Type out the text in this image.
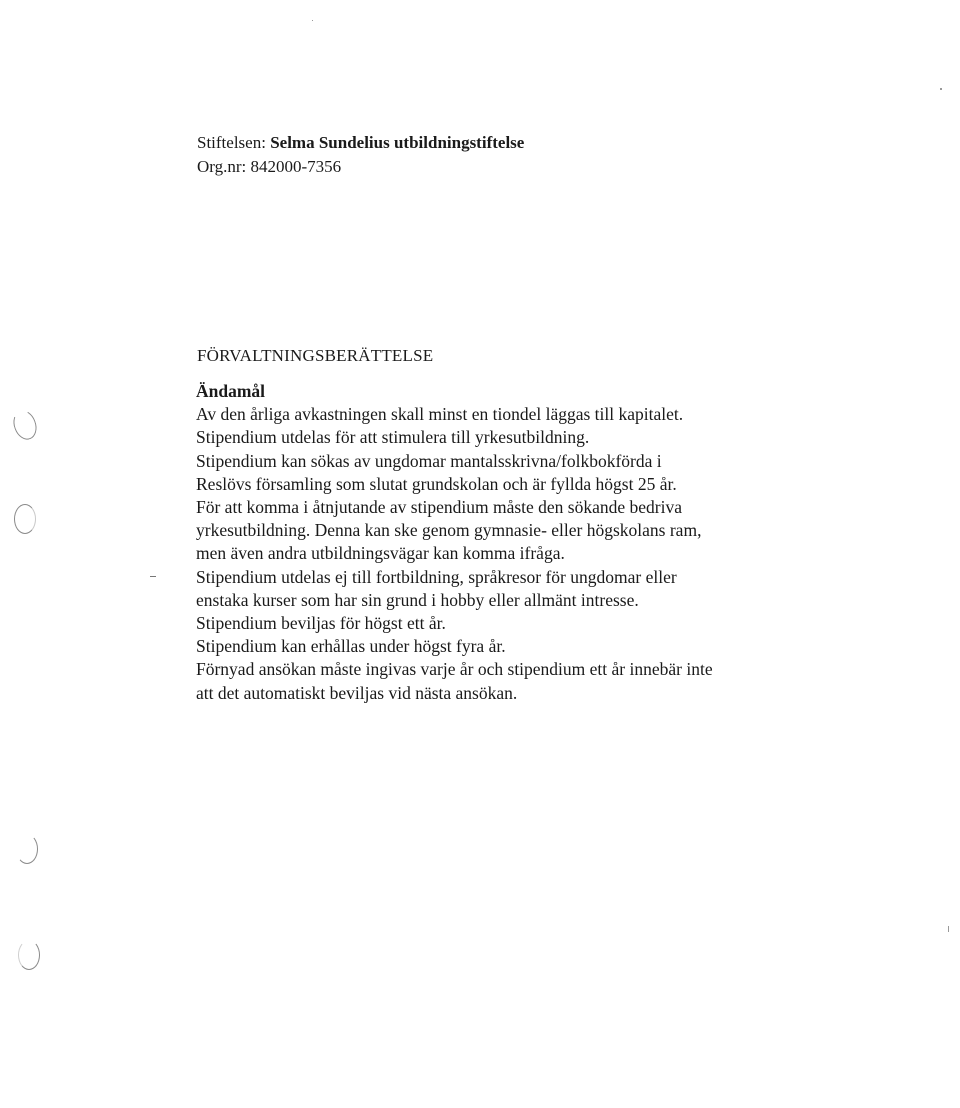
Stiftelsen: Selma Sundelius utbildningstiftelse
Org.nr: 842000-7356
FÖRVALTNINGSBERÄTTELSE
Ändamål
Av den årliga avkastningen skall minst en tiondel läggas till kapitalet.
Stipendium utdelas för att stimulera till yrkesutbildning.
Stipendium kan sökas av ungdomar mantalsskrivna/folkbokförda i Reslövs församling som slutat grundskolan och är fyllda högst 25 år.
För att komma i åtnjutande av stipendium måste den sökande bedriva yrkesutbildning. Denna kan ske genom gymnasie- eller högskolans ram, men även andra utbildningsvägar kan komma ifråga.
Stipendium utdelas ej till fortbildning, språkresor för ungdomar eller enstaka kurser som har sin grund i hobby eller allmänt intresse.
Stipendium beviljas för högst ett år.
Stipendium kan erhållas under högst fyra år.
Förnyad ansökan måste ingivas varje år och stipendium ett år innebär inte att det automatiskt beviljas vid nästa ansökan.
